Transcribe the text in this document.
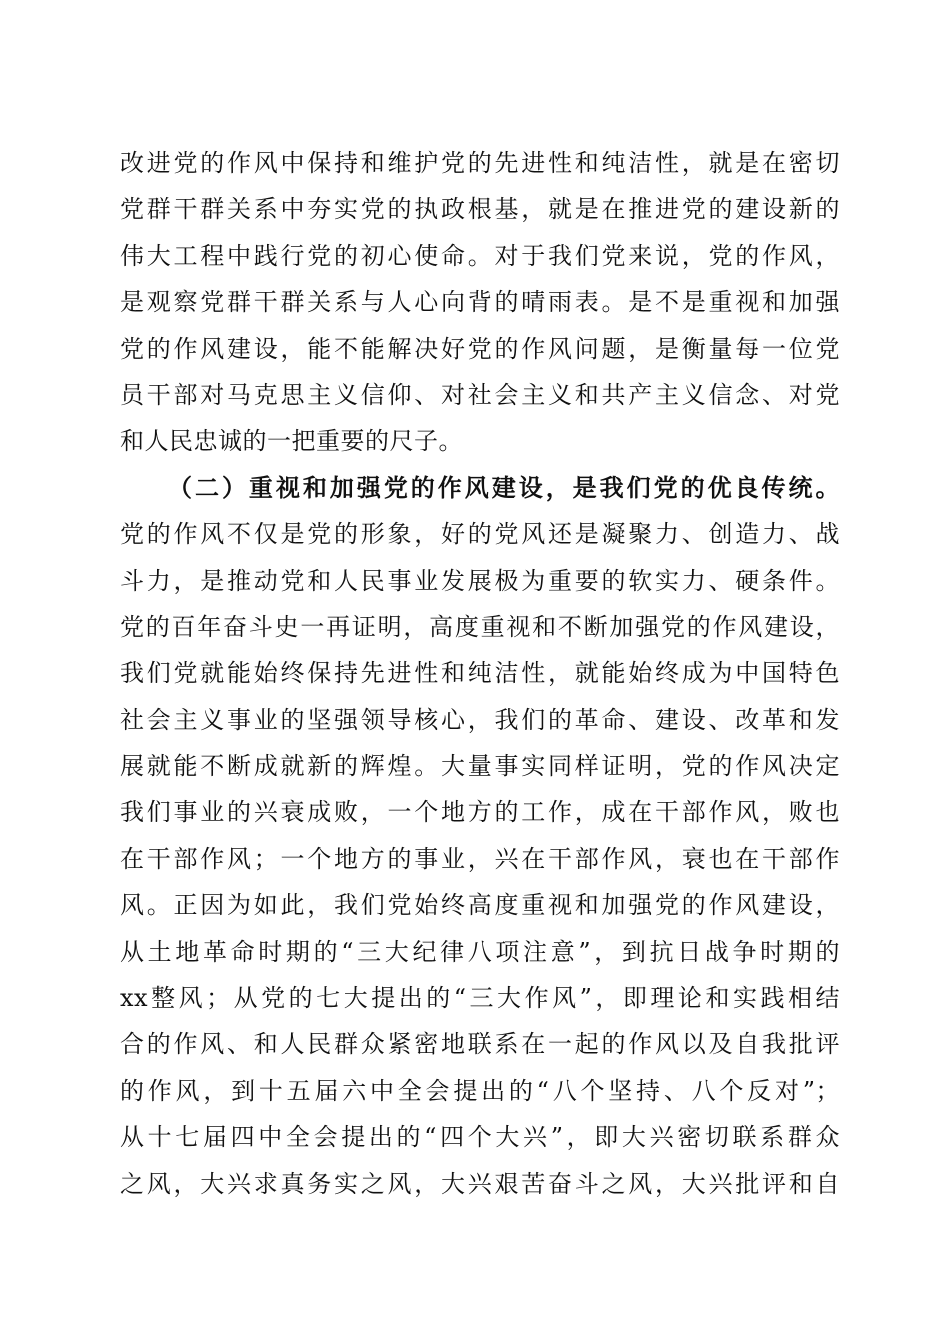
改进党的作风中保持和维护党的先进性和纯洁性，就是在密切
党群干群关系中夯实党的执政根基，就是在推进党的建设新的
伟大工程中践行党的初心使命。对于我们党来说，党的作风，
是观察党群干群关系与人心向背的晴雨表。是不是重视和加强
党的作风建设，能不能解决好党的作风问题，是衡量每一位党
员干部对马克思主义信仰、对社会主义和共产主义信念、对党
和人民忠诚的一把重要的尺子。
（二）重视和加强党的作风建设，是我们党的优良传统。
党的作风不仅是党的形象，好的党风还是凝聚力、创造力、战
斗力，是推动党和人民事业发展极为重要的软实力、硬条件。
党的百年奋斗史一再证明，高度重视和不断加强党的作风建设，
我们党就能始终保持先进性和纯洁性，就能始终成为中国特色
社会主义事业的坚强领导核心，我们的革命、建设、改革和发
展就能不断成就新的辉煌。大量事实同样证明，党的作风决定
我们事业的兴衰成败，一个地方的工作，成在干部作风，败也
在干部作风；一个地方的事业，兴在干部作风，衰也在干部作
风。正因为如此，我们党始终高度重视和加强党的作风建设，
从土地革命时期的“三大纪律八项注意”，到抗日战争时期的
xx整风；从党的七大提出的“三大作风”，即理论和实践相结
合的作风、和人民群众紧密地联系在一起的作风以及自我批评
的作风，到十五届六中全会提出的“八个坚持、八个反对”；
从十七届四中全会提出的“四个大兴”，即大兴密切联系群众
之风，大兴求真务实之风，大兴艰苦奋斗之风，大兴批评和自
